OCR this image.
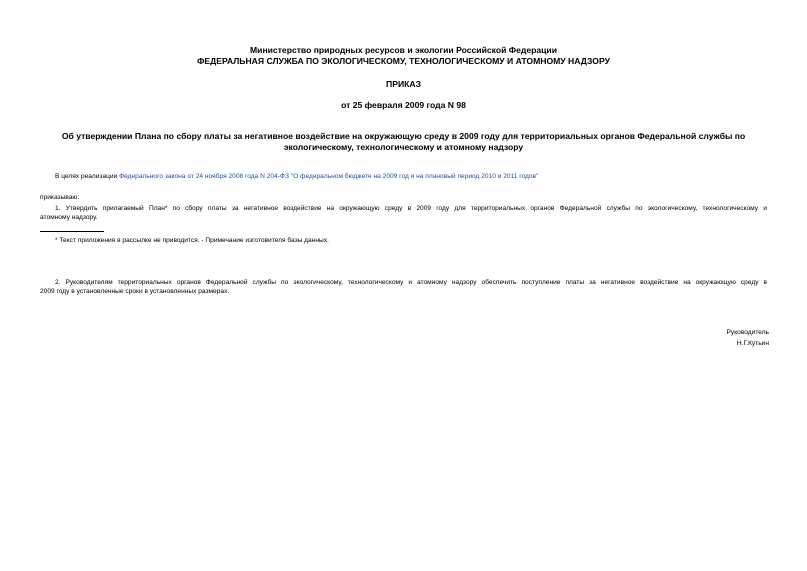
Министерство природных ресурсов и экологии Российской Федерации
ФЕДЕРАЛЬНАЯ СЛУЖБА ПО ЭКОЛОГИЧЕСКОМУ, ТЕХНОЛОГИЧЕСКОМУ И АТОМНОМУ НАДЗОРУ
ПРИКАЗ
от 25 февраля 2009 года N 98
Об утверждении Плана по сбору платы за негативное воздействие на окружающую среду в 2009 году для территориальных органов Федеральной службы по
экологическому, технологическому и атомному надзору
В целях реализации Федерального закона от 24 ноября 2008 года N 204-ФЗ "О федеральном бюджете на 2009 год и на плановый период 2010 и 2011 годов"
приказываю:
1. Утвердить прилагаемый План* по сбору платы за негативное воздействие на окружающую среду в 2009 году для территориальных органов Федеральной службы по экологическому, технологическому и
атомному надзору.
* Текст приложения в рассылке не приводится. - Примечание изготовителя базы данных.
2. Руководителям территориальных органов Федеральной службы по экологическому, технологическому и атомному надзору обеспечить поступление платы за негативное воздействие на окружающую среду в
2009 году в установленные сроки в установленных размерах.
Руководитель
Н.Г.Кутьин
